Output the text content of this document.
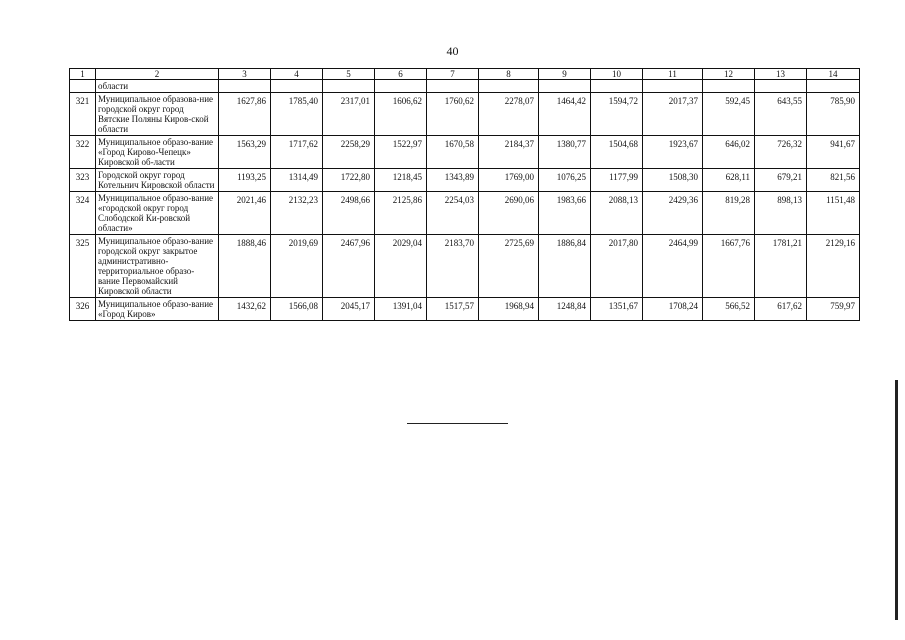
40
1	2	3	4	5	6	7	8	9	10	11	12	13	14
	области												
321	Муниципальное образова-ние городской округ город Вятские Поляны Киров-ской области	1627,86	1785,40	2317,01	1606,62	1760,62	2278,07	1464,42	1594,72	2017,37	592,45	643,55	785,90
322	Муниципальное образо-вание «Город Кирово-Чепецк» Кировской об-ласти	1563,29	1717,62	2258,29	1522,97	1670,58	2184,37	1380,77	1504,68	1923,67	646,02	726,32	941,67
323	Городской округ город Котельнич Кировской области	1193,25	1314,49	1722,80	1218,45	1343,89	1769,00	1076,25	1177,99	1508,30	628,11	679,21	821,56
324	Муниципальное образо-вание «городской округ город Слободской Ки-ровской области»	2021,46	2132,23	2498,66	2125,86	2254,03	2690,06	1983,66	2088,13	2429,36	819,28	898,13	1151,48
325	Муниципальное образо-вание городской округ закрытое административно-территориальное образо-вание Первомайский Кировской области	1888,46	2019,69	2467,96	2029,04	2183,70	2725,69	1886,84	2017,80	2464,99	1667,76	1781,21	2129,16
326	Муниципальное образо-вание «Город Киров»	1432,62	1566,08	2045,17	1391,04	1517,57	1968,94	1248,84	1351,67	1708,24	566,52	617,62	759,97
